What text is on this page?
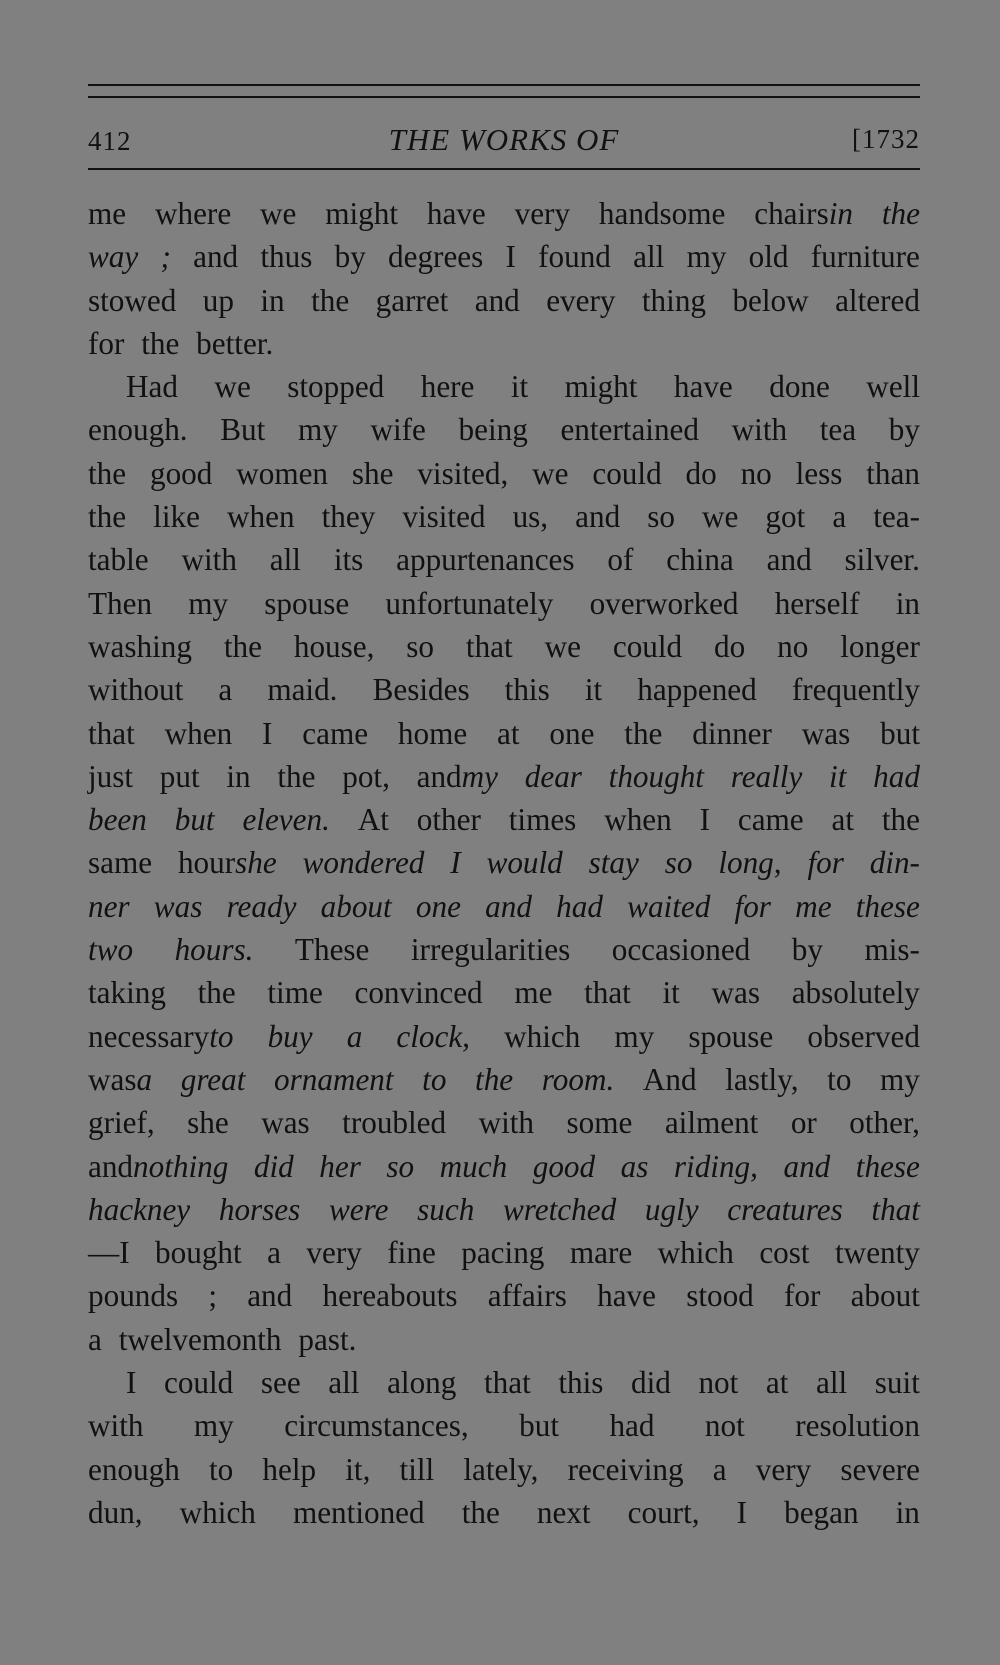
412	THE WORKS OF	[1732
me where we might have very handsome chairsin the
way ; and thus by degrees I found all my old furniture
stowed up in the garret and every thing below altered
for the better.
Had we stopped here it might have done well
enough. But my wife being entertained with tea by
the good women she visited, we could do no less than
the like when they visited us, and so we got a tea-
table with all its appurtenances of china and silver.
Then my spouse unfortunately overworked herself in
washing the house, so that we could do no longer
without a maid. Besides this it happened frequently
that when I came home at one the dinner was but
just put in the pot, andmy dear thought really it had
been but eleven. At other times when I came at the
same hourshe wondered I would stay so long, for din-
ner was ready about one and had waited for me these
two hours. These irregularities occasioned by mis-
taking the time convinced me that it was absolutely
necessaryto buy a clock, which my spouse observed
wasa great ornament to the room. And lastly, to my
grief, she was troubled with some ailment or other,
andnothing did her so much good as riding, and these
hackney horses were such wretched ugly creatures that
—I bought a very fine pacing mare which cost twenty
pounds ; and hereabouts affairs have stood for about
a twelvemonth past.
I could see all along that this did not at all suit
with my circumstances, but had not resolution
enough to help it, till lately, receiving a very severe
dun, which mentioned the next court, I began in
